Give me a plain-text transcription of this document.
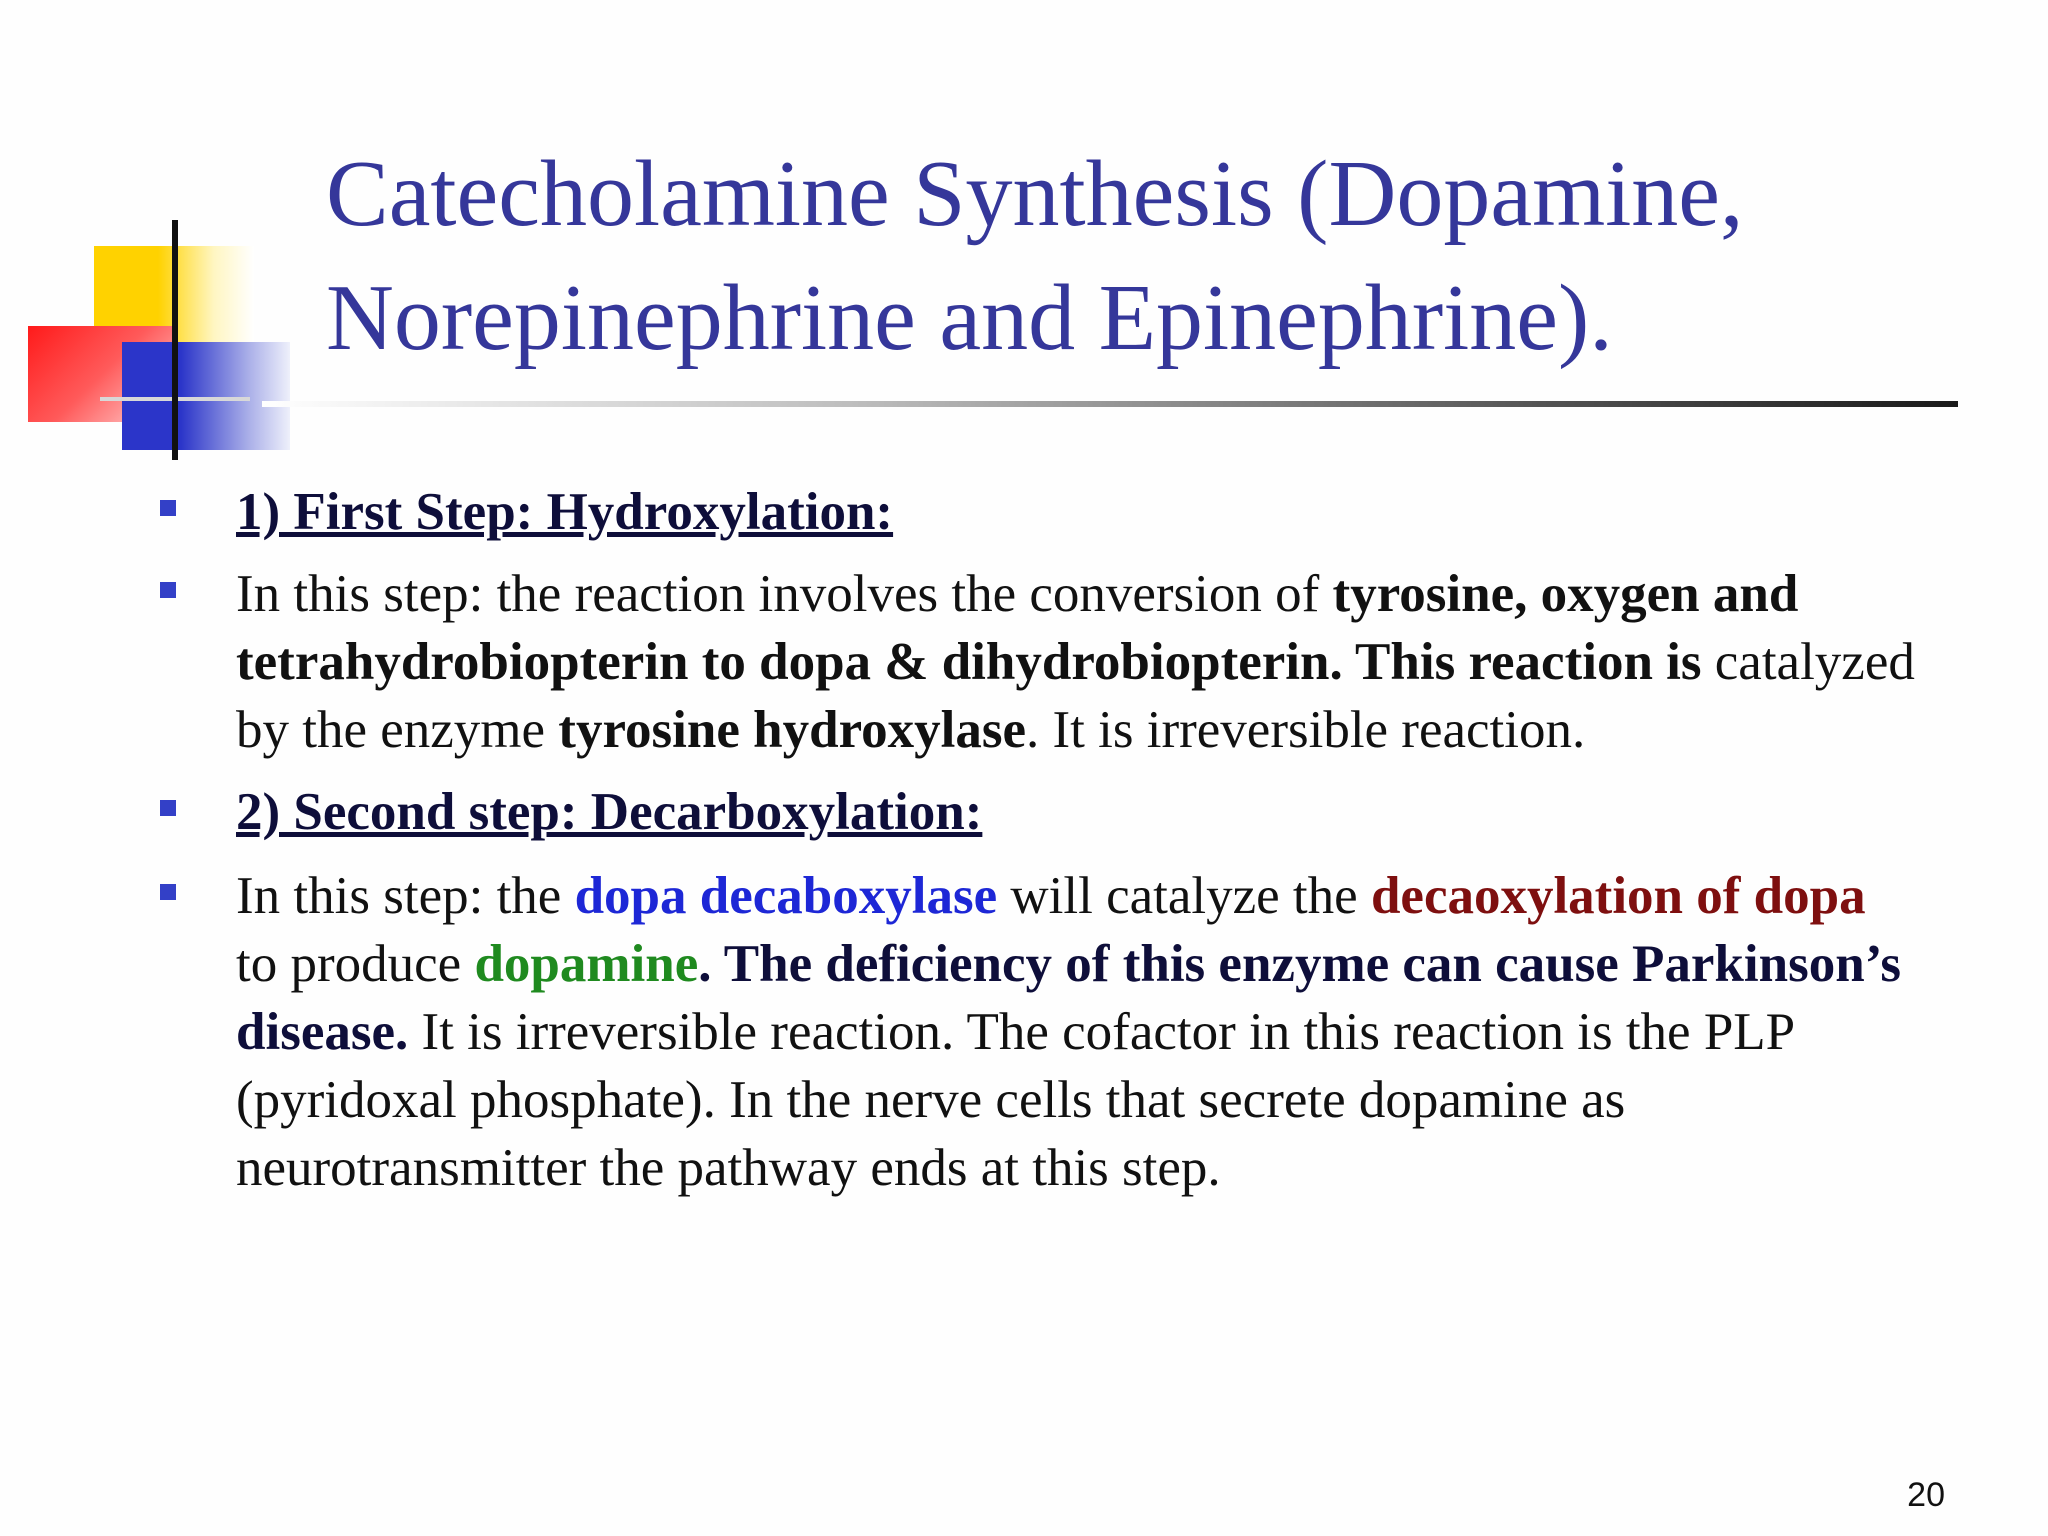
Catecholamine Synthesis (Dopamine,
Norepinephrine and Epinephrine).
1) First Step: Hydroxylation:
In this step: the reaction involves the conversion of tyrosine, oxygen and tetrahydrobiopterin to dopa & dihydrobiopterin. This reaction is catalyzed by the enzyme tyrosine hydroxylase. It is irreversible reaction.
2) Second step: Decarboxylation:
In this step: the dopa decaboxylase will catalyze the decaoxylation of dopa to produce dopamine. The deficiency of this enzyme can cause Parkinson’s disease. It is irreversible reaction. The cofactor in this reaction is the PLP (pyridoxal phosphate). In the nerve cells that secrete dopamine as neurotransmitter the pathway ends at this step.
20
